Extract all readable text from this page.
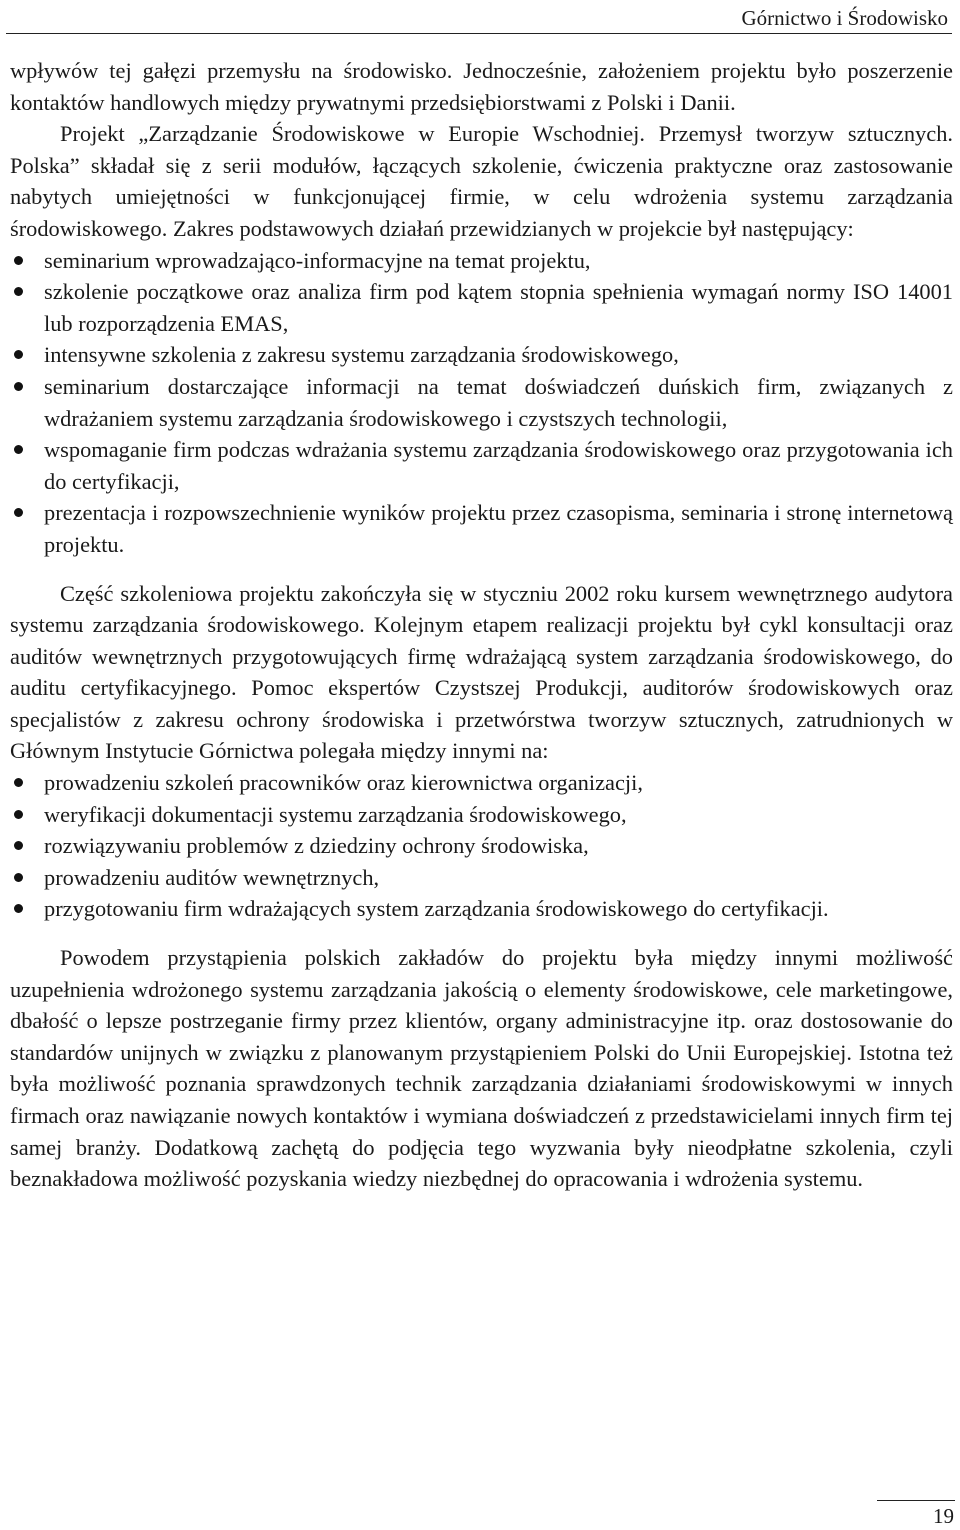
Górnictwo i Środowisko

wpływów tej gałęzi przemysłu na środowisko. Jednocześnie, założeniem projektu było poszerzenie kontaktów handlowych między prywatnymi przedsiębiorstwami z Polski i Danii.

Projekt „Zarządzanie Środowiskowe w Europie Wschodniej. Przemysł tworzyw sztucznych. Polska” składał się z serii modułów, łączących szkolenie, ćwiczenia praktyczne oraz zastosowanie nabytych umiejętności w funkcjonującej firmie, w celu wdrożenia systemu zarządzania środowiskowego. Zakres podstawowych działań przewidzianych w projekcie był następujący:

seminarium wprowadzająco-informacyjne na temat projektu,
szkolenie początkowe oraz analiza firm pod kątem stopnia spełnienia wymagań normy ISO 14001 lub rozporządzenia EMAS,
intensywne szkolenia z zakresu systemu zarządzania środowiskowego,
seminarium dostarczające informacji na temat doświadczeń duńskich firm, związanych z wdrażaniem systemu zarządzania środowiskowego i czystszych technologii,
wspomaganie firm podczas wdrażania systemu zarządzania środowiskowego oraz przygotowania ich do certyfikacji,
prezentacja i rozpowszechnienie wyników projektu przez czasopisma, seminaria i stronę internetową projektu.

Część szkoleniowa projektu zakończyła się w styczniu 2002 roku kursem wewnętrznego audytora systemu zarządzania środowiskowego. Kolejnym etapem realizacji projektu był cykl konsultacji oraz auditów wewnętrznych przygotowujących firmę wdrażającą system zarządzania środowiskowego, do auditu certyfikacyjnego. Pomoc ekspertów Czystszej Produkcji, auditorów środowiskowych oraz specjalistów z zakresu ochrony środowiska i przetwórstwa tworzyw sztucznych, zatrudnionych w Głównym Instytucie Górnictwa polegała między innymi na:

prowadzeniu szkoleń pracowników oraz kierownictwa organizacji,
weryfikacji dokumentacji systemu zarządzania środowiskowego,
rozwiązywaniu problemów z dziedziny ochrony środowiska,
prowadzeniu auditów wewnętrznych,
przygotowaniu firm wdrażających system zarządzania środowiskowego do certyfikacji.

Powodem przystąpienia polskich zakładów do projektu była między innymi możliwość uzupełnienia wdrożonego systemu zarządzania jakością o elementy środowiskowe, cele marketingowe, dbałość o lepsze postrzeganie firmy przez klientów, organy administracyjne itp. oraz dostosowanie do standardów unijnych w związku z planowanym przystąpieniem Polski do Unii Europejskiej. Istotna też była możliwość poznania sprawdzonych technik zarządzania działaniami środowiskowymi w innych firmach oraz nawiązanie nowych kontaktów i wymiana doświadczeń z przedstawicielami innych firm tej samej branży. Dodatkową zachętą do podjęcia tego wyzwania były nieodpłatne szkolenia, czyli beznakładowa możliwość pozyskania wiedzy niezbędnej do opracowania i wdrożenia systemu.

19
